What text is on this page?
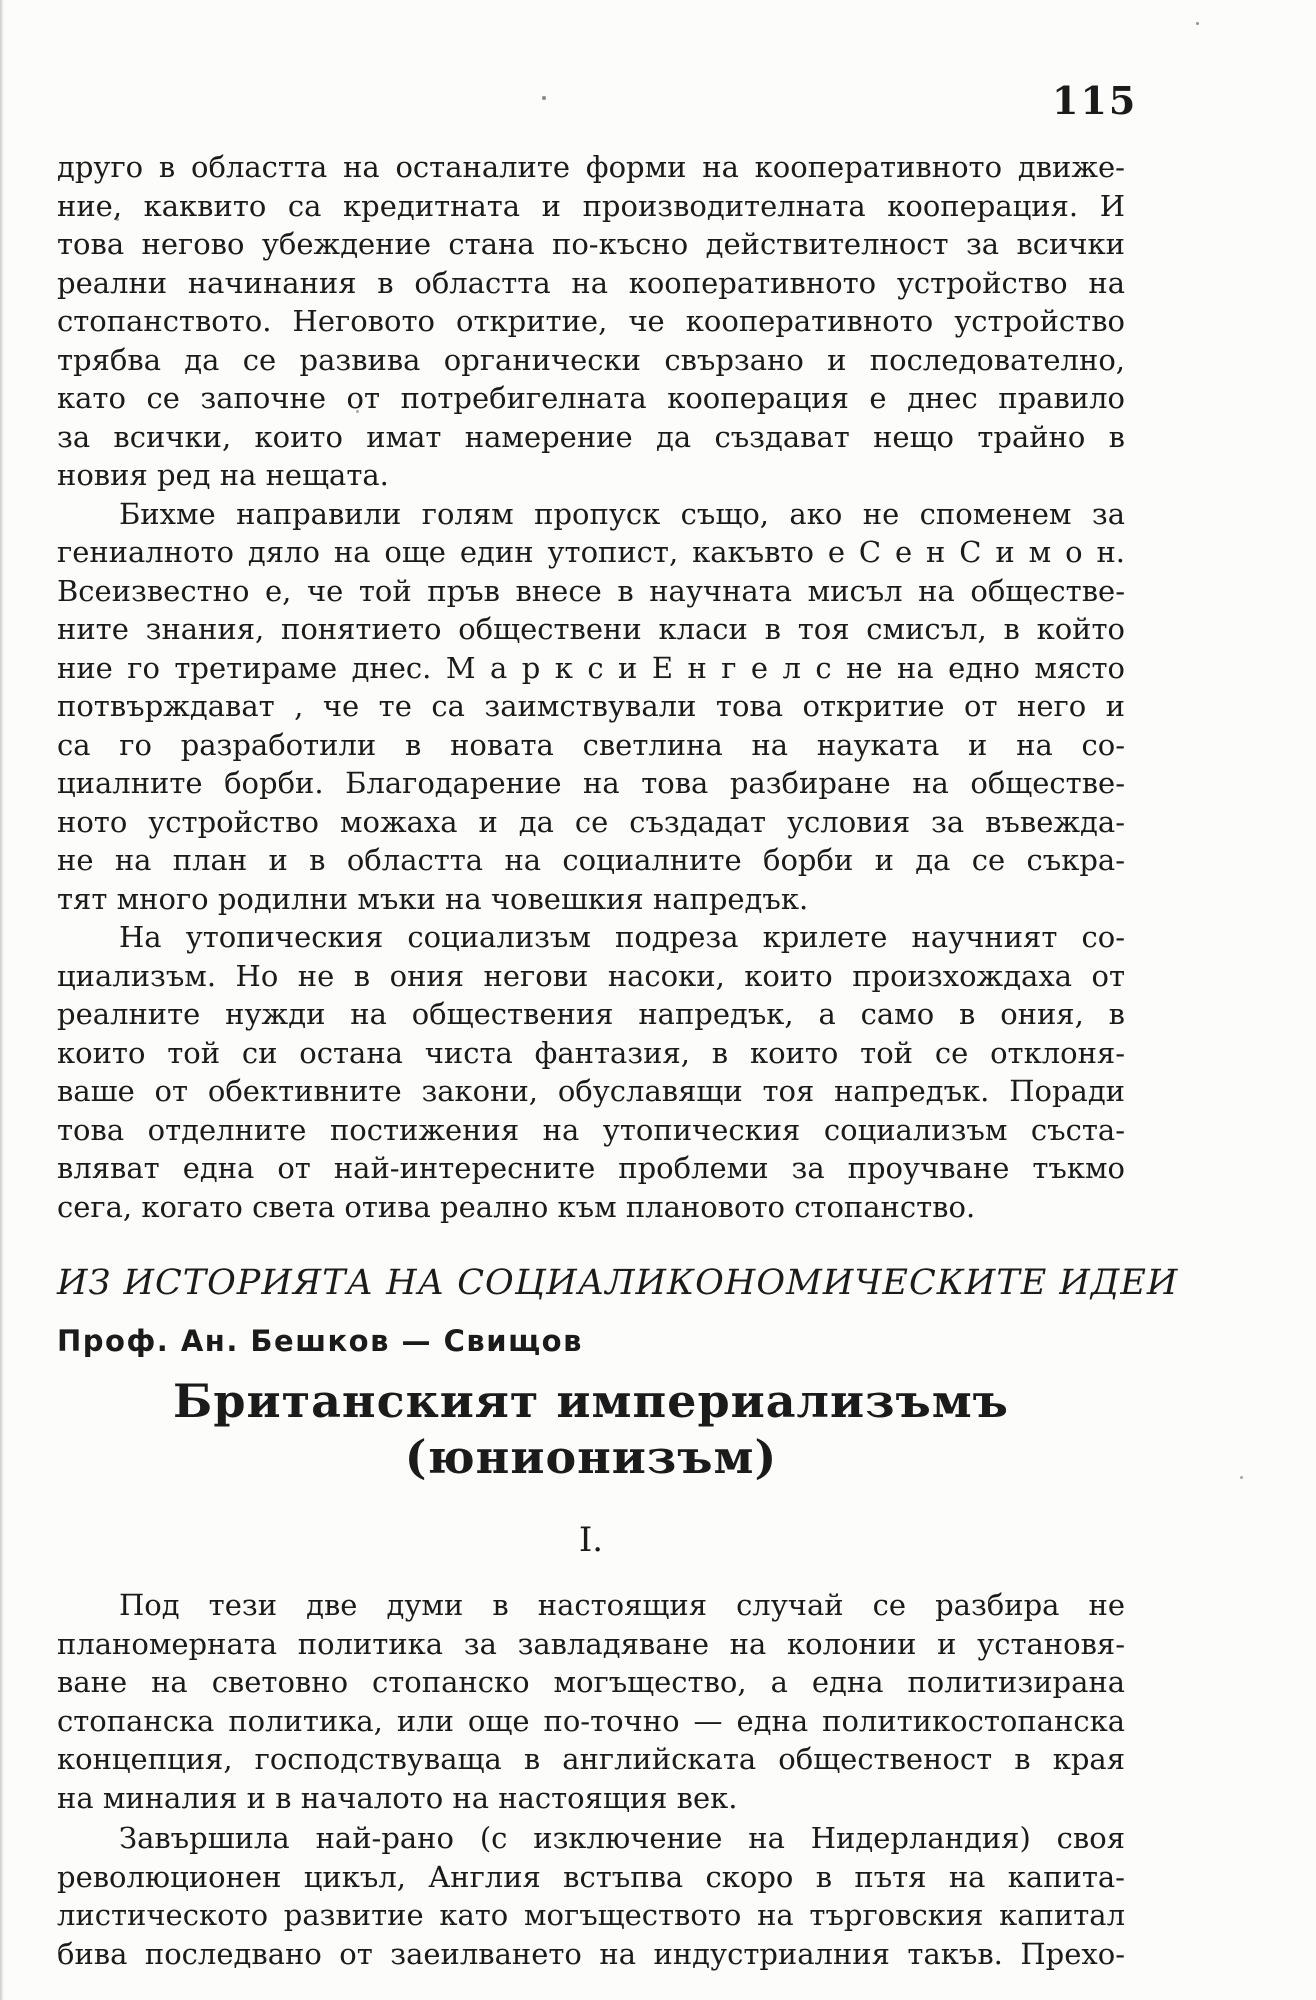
115
друго в областта на останалите форми на кооперативното движе-
ние, каквито са кредитната и производителната кооперация. И
това негово убеждение стана по-късно действителност за всички
реални начинания в областта на кооперативното устройство на
стопанството. Неговото откритие, че кооперативното устройство
трябва да се развива органически свързано и последователно,
като се започне от потребигелната кооперация е днес правило
за всички, които имат намерение да създават нещо трайно в
новия ред на нещата.
Бихме направили голям пропуск също, ако не споменем за
гениалното дяло на още един утопист, какъвто е С е н С и м о н.
Всеизвестно е, че той пръв внесе в научната мисъл на обществе-
ните знания, понятието обществени класи в тоя смисъл, в който
ние го третираме днес. М а р к с и Е н г е л с не на едно място
потвърждават , че те са заимствували това откритие от него и
са го разработили в новата светлина на науката и на со-
циалните борби. Благодарение на това разбиране на обществе-
ното устройство можаха и да се създадат условия за въвежда-
не на план и в областта на социалните борби и да се съкра-
тят много родилни мъки на човешкия напредък.
На утопическия социализъм подреза крилете научният со-
циализъм. Но не в ония негови насоки, които произхождаха от
реалните нужди на обществения напредък, а само в ония, в
които той си остана чиста фантазия, в които той се отклоня-
ваше от обективните закони, обуславящи тоя напредък. Поради
това отделните постижения на утопическия социализъм съста-
вляват една от най-интересните проблеми за проучване тъкмо
сега, когато света отива реално към плановото стопанство.
ИЗ ИСТОРИЯТА НА СОЦИАЛИКОНОМИЧЕСКИТЕ ИДЕИ
Проф. Ан. Бешков — Свищов
Британският империализъмъ
(юнионизъм)
I.
Под тези две думи в настоящия случай се разбира не
планомерната политика за завладяване на колонии и установя-
ване на световно стопанско могъщество, а една политизирана
стопанска политика, или още по-точно — една политикостопанска
концепция, господствуваща в английската общественост в края
на миналия и в началото на настоящия век.
Завършила най-рано (с изключение на Нидерландия) своя
революционен цикъл, Англия встъпва скоро в пътя на капита-
листическото развитие като могъществото на търговския капитал
бива последвано от заеилването на индустриалния такъв. Прехо-
